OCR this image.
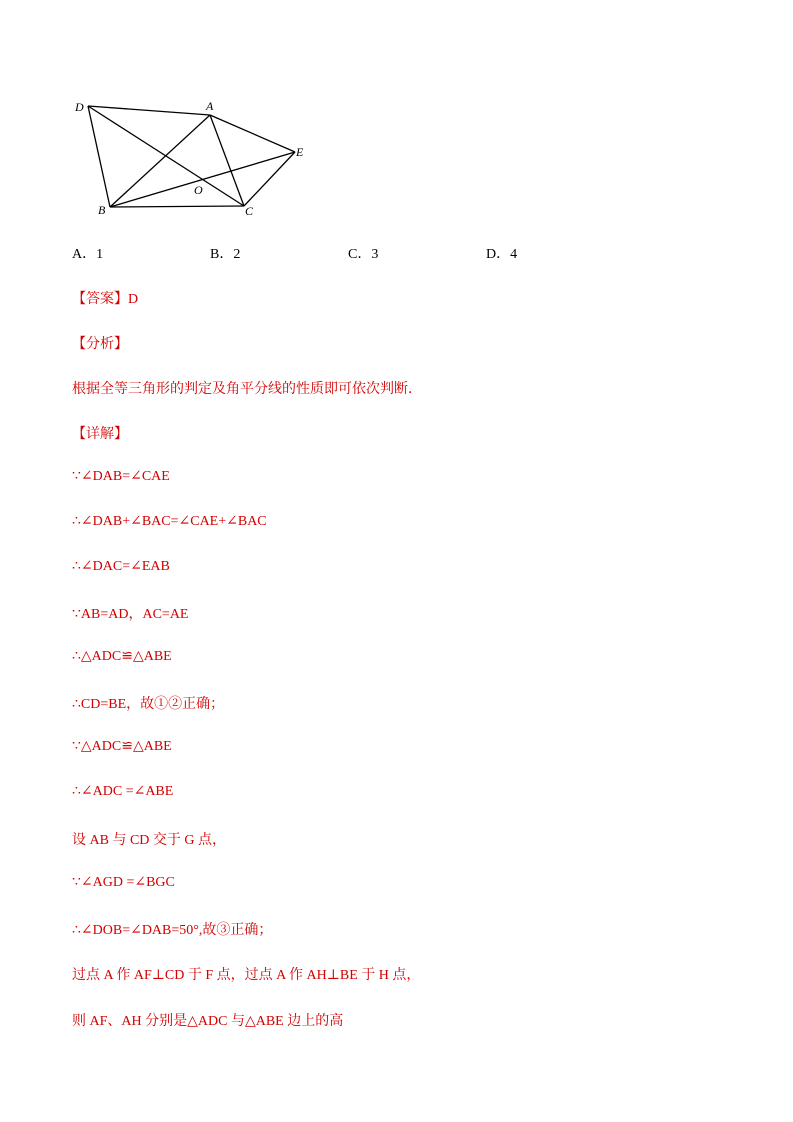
D	A
E
O
B	C
A．1	B．2	C．3	D．4
【答案】D
【分析】
根据全等三角形的判定及角平分线的性质即可依次判断．
【详解】
∵∠DAB=∠CAE
∴∠DAB+∠BAC=∠CAE+∠BAC
∴∠DAC=∠EAB
∵AB=AD，AC=AE
∴△ADC≌△ABE
∴CD=BE，故①②正确；
∵△ADC≌△ABE
∴∠ADC =∠ABE
设 AB 与 CD 交于 G 点，
∵∠AGD =∠BGC
∴∠DOB=∠DAB=50°,故③正确；
过点 A 作 AF⊥CD 于 F 点，过点 A 作 AH⊥BE 于 H 点，
则 AF、AH 分别是△ADC 与△ABE 边上的高
